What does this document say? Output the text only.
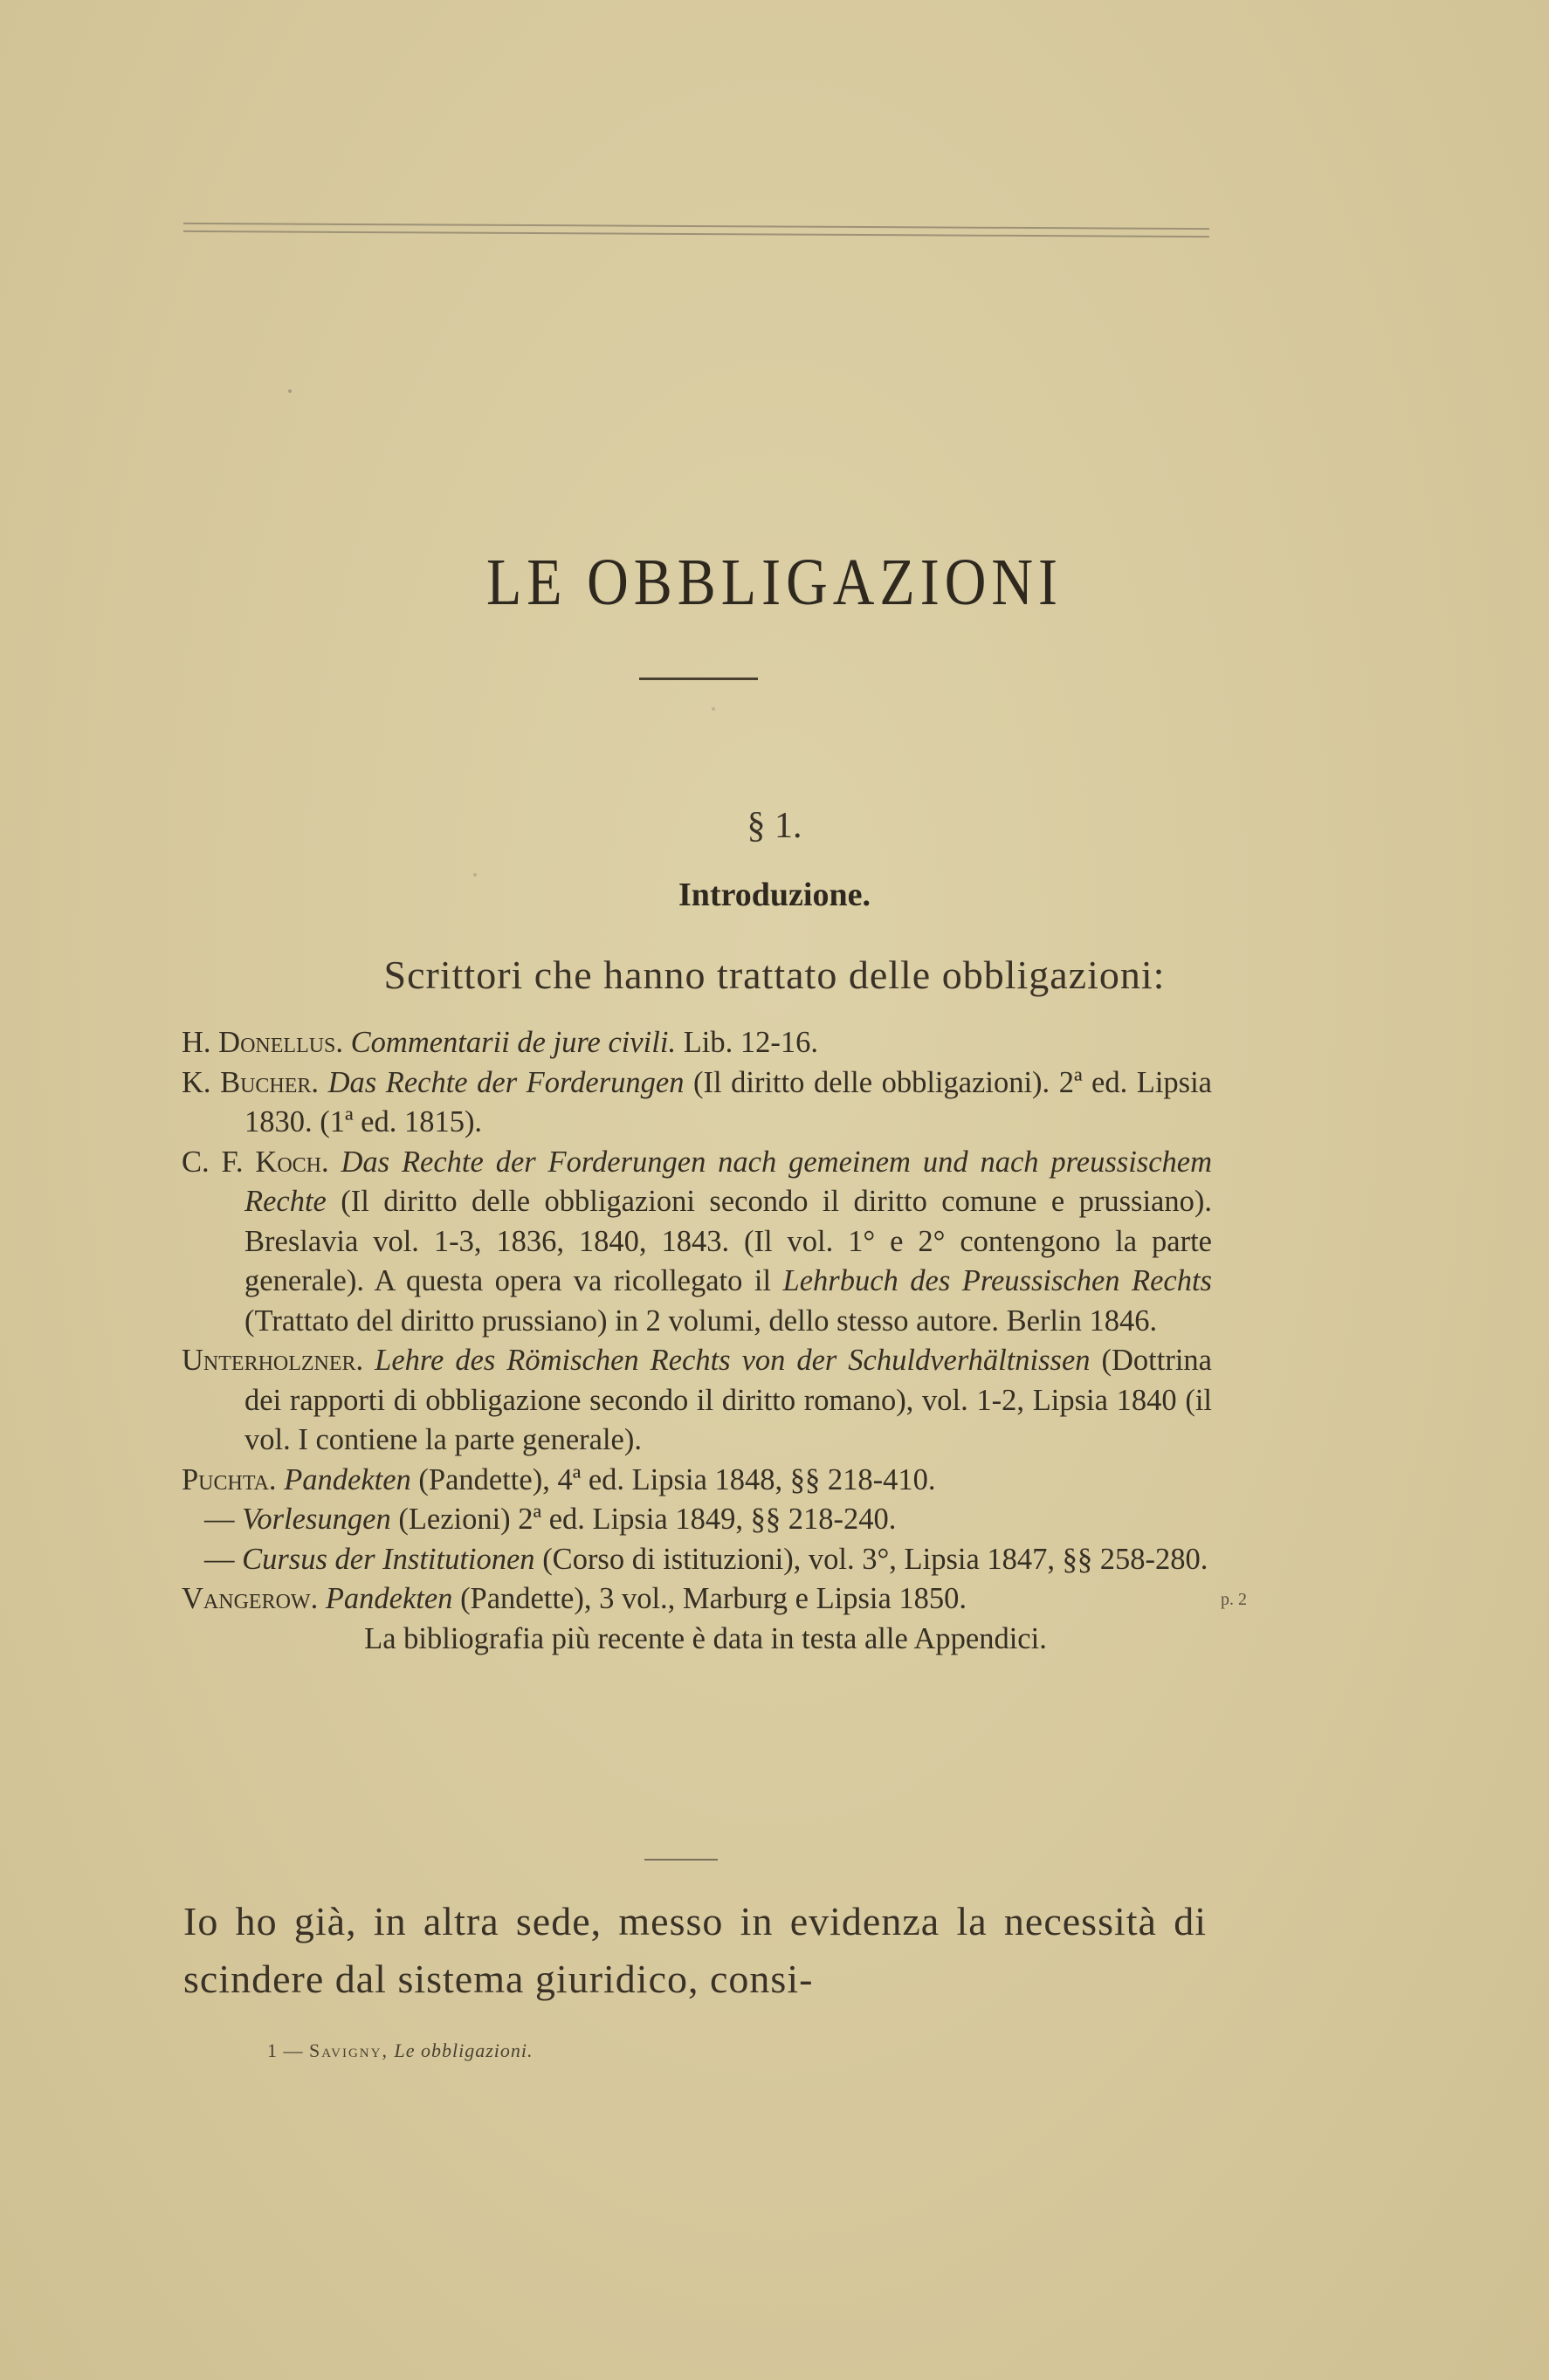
LE OBBLIGAZIONI
§ 1.
Introduzione.
Scrittori che hanno trattato delle obbligazioni:

H. Donellus. Commentarii de jure civili. Lib. 12-16.

K. Bucher. Das Rechte der Forderungen (Il diritto delle obbligazioni). 2ª ed. Lipsia 1830. (1ª ed. 1815).

C. F. Koch. Das Rechte der Forderungen nach gemeinem und nach preussischem Rechte (Il diritto delle obbligazioni secondo il diritto comune e prussiano). Breslavia vol. 1-3, 1836, 1840, 1843. (Il vol. 1° e 2° contengono la parte generale). A questa opera va ricollegato il Lehrbuch des Preussischen Rechts (Trattato del diritto prussiano) in 2 volumi, dello stesso autore. Berlin 1846.

Unterholzner. Lehre des Römischen Rechts von der Schuldverhältnissen (Dottrina dei rapporti di obbligazione secondo il diritto romano), vol. 1-2, Lipsia 1840 (il vol. I contiene la parte generale).

Puchta. Pandekten (Pandette), 4ª ed. Lipsia 1848, §§ 218-410.

— Vorlesungen (Lezioni) 2ª ed. Lipsia 1849, §§ 218-240.

— Cursus der Institutionen (Corso di istituzioni), vol. 3°, Lipsia 1847, §§ 258-280.

Vangerow. Pandekten (Pandette), 3 vol., Marburg e Lipsia 1850.

La bibliografia più recente è data in testa alle Appendici.

p. 2
Io ho già, in altra sede, messo in evidenza la necessità di scindere dal sistema giuridico, consi-
1 — Savigny, Le obbligazioni.
